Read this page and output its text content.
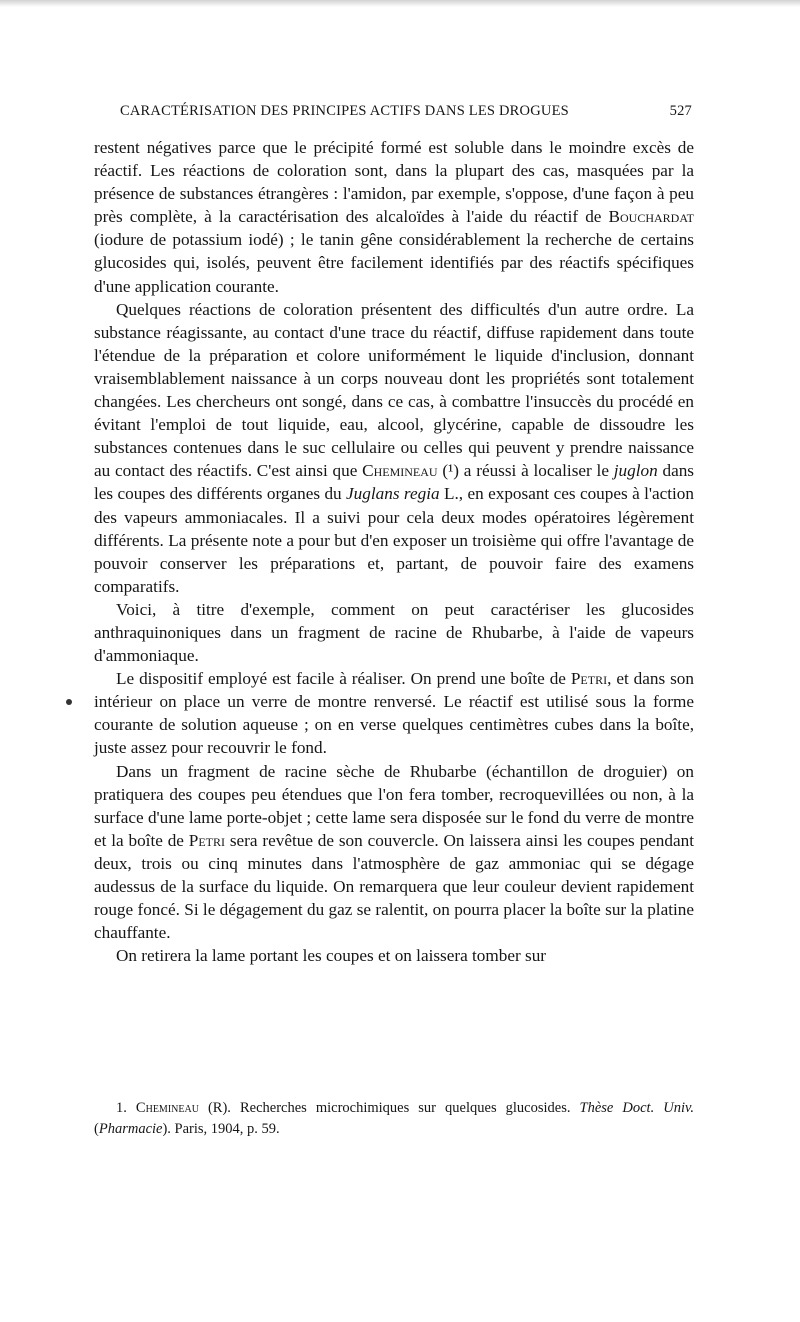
CARACTÉRISATION DES PRINCIPES ACTIFS DANS LES DROGUES	527

restent négatives parce que le précipité formé est soluble dans le moindre excès de réactif. Les réactions de coloration sont, dans la plupart des cas, masquées par la présence de substances étrangères : l'amidon, par exemple, s'oppose, d'une façon à peu près complète, à la caractérisation des alcaloïdes à l'aide du réactif de Bouchardat (iodure de potassium iodé) ; le tanin gêne considérablement la recherche de certains glucosides qui, isolés, peuvent être facilement identifiés par des réactifs spécifiques d'une application courante.

Quelques réactions de coloration présentent des difficultés d'un autre ordre. La substance réagissante, au contact d'une trace du réactif, diffuse rapidement dans toute l'étendue de la préparation et colore uniformément le liquide d'inclusion, donnant vraisemblablement naissance à un corps nouveau dont les propriétés sont totalement changées. Les chercheurs ont songé, dans ce cas, à combattre l'insuccès du procédé en évitant l'emploi de tout liquide, eau, alcool, glycérine, capable de dissoudre les substances contenues dans le suc cellulaire ou celles qui peuvent y prendre naissance au contact des réactifs. C'est ainsi que Chemineau (¹) a réussi à localiser le juglon dans les coupes des différents organes du Juglans regia L., en exposant ces coupes à l'action des vapeurs ammoniacales. Il a suivi pour cela deux modes opératoires légèrement différents. La présente note a pour but d'en exposer un troisième qui offre l'avantage de pouvoir conserver les préparations et, partant, de pouvoir faire des examens comparatifs.

Voici, à titre d'exemple, comment on peut caractériser les glucosides anthraquinoniques dans un fragment de racine de Rhubarbe, à l'aide de vapeurs d'ammoniaque.

Le dispositif employé est facile à réaliser. On prend une boîte de Petri, et dans son intérieur on place un verre de montre renversé. Le réactif est utilisé sous la forme courante de solution aqueuse ; on en verse quelques centimètres cubes dans la boîte, juste assez pour recouvrir le fond.

Dans un fragment de racine sèche de Rhubarbe (échantillon de droguier) on pratiquera des coupes peu étendues que l'on fera tomber, recroquevillées ou non, à la surface d'une lame porte-objet ; cette lame sera disposée sur le fond du verre de montre et la boîte de Petri sera revêtue de son couvercle. On laissera ainsi les coupes pendant deux, trois ou cinq minutes dans l'atmosphère de gaz ammoniac qui se dégage audessus de la surface du liquide. On remarquera que leur couleur devient rapidement rouge foncé. Si le dégagement du gaz se ralentit, on pourra placer la boîte sur la platine chauffante.

On retirera la lame portant les coupes et on laissera tomber sur

1. Chemineau (R). Recherches microchimiques sur quelques glucosides. Thèse Doct. Univ. (Pharmacie). Paris, 1904, p. 59.
